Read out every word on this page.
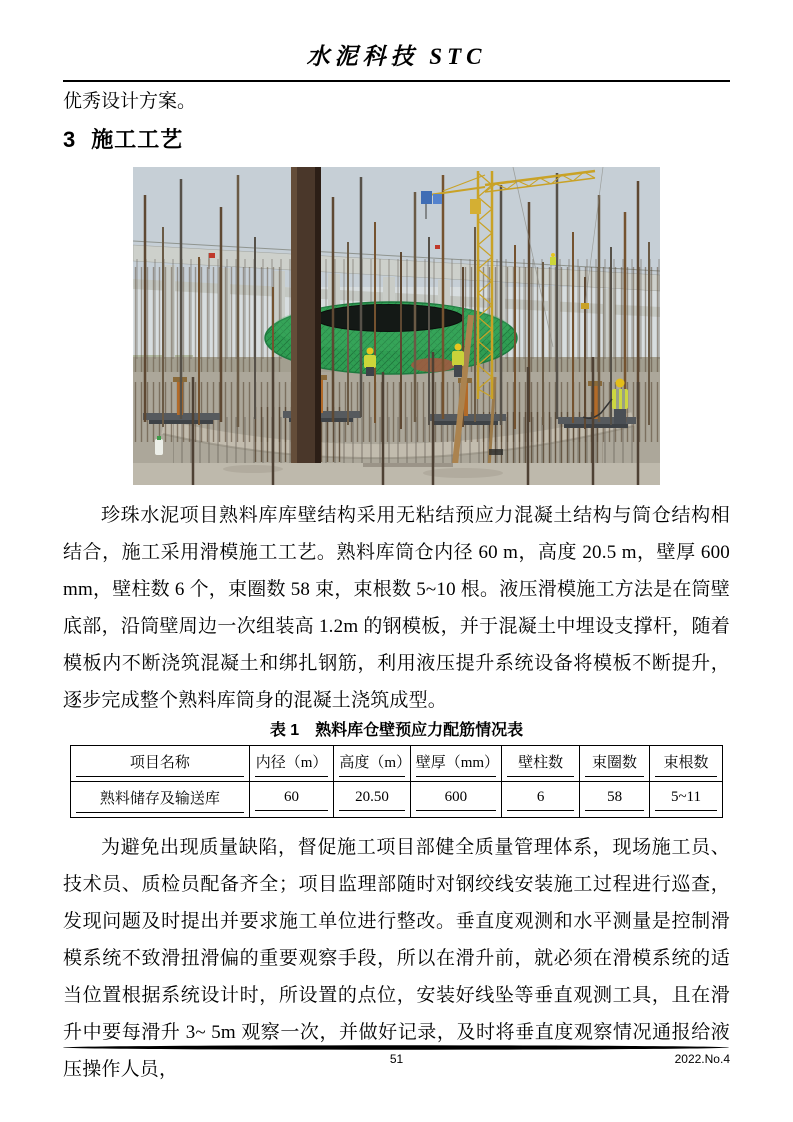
水泥科技 STC

优秀设计方案。

3 施工工艺

珍珠水泥项目熟料库库壁结构采用无粘结预应力混凝土结构与筒仓结构相结合，施工采用滑模施工工艺。熟料库筒仓内径 60 m，高度 20.5 m，壁厚 600 mm，壁柱数 6 个，束圈数 58 束，束根数 5~10 根。液压滑模施工方法是在筒壁底部，沿筒壁周边一次组装高 1.2m 的钢模板，并于混凝土中埋设支撑杆，随着模板内不断浇筑混凝土和绑扎钢筋，利用液压提升系统设备将模板不断提升，逐步完成整个熟料库筒身的混凝土浇筑成型。

表 1　熟料库仓壁预应力配筋情况表

项目名称	内径（m）	高度（m）	壁厚（mm）	壁柱数	束圈数	束根数

熟料储存及输送库	60	20.50	600	6	58	5~11

为避免出现质量缺陷，督促施工项目部健全质量管理体系，现场施工员、技术员、质检员配备齐全；项目监理部随时对钢绞线安装施工过程进行巡查，发现问题及时提出并要求施工单位进行整改。垂直度观测和水平测量是控制滑模系统不致滑扭滑偏的重要观察手段，所以在滑升前，就必须在滑模系统的适当位置根据系统设计时，所设置的点位，安装好线坠等垂直观测工具，且在滑升中要每滑升 3~ 5m 观察一次，并做好记录，及时将垂直度观察情况通报给液压操作人员，	51	2022.No.4
